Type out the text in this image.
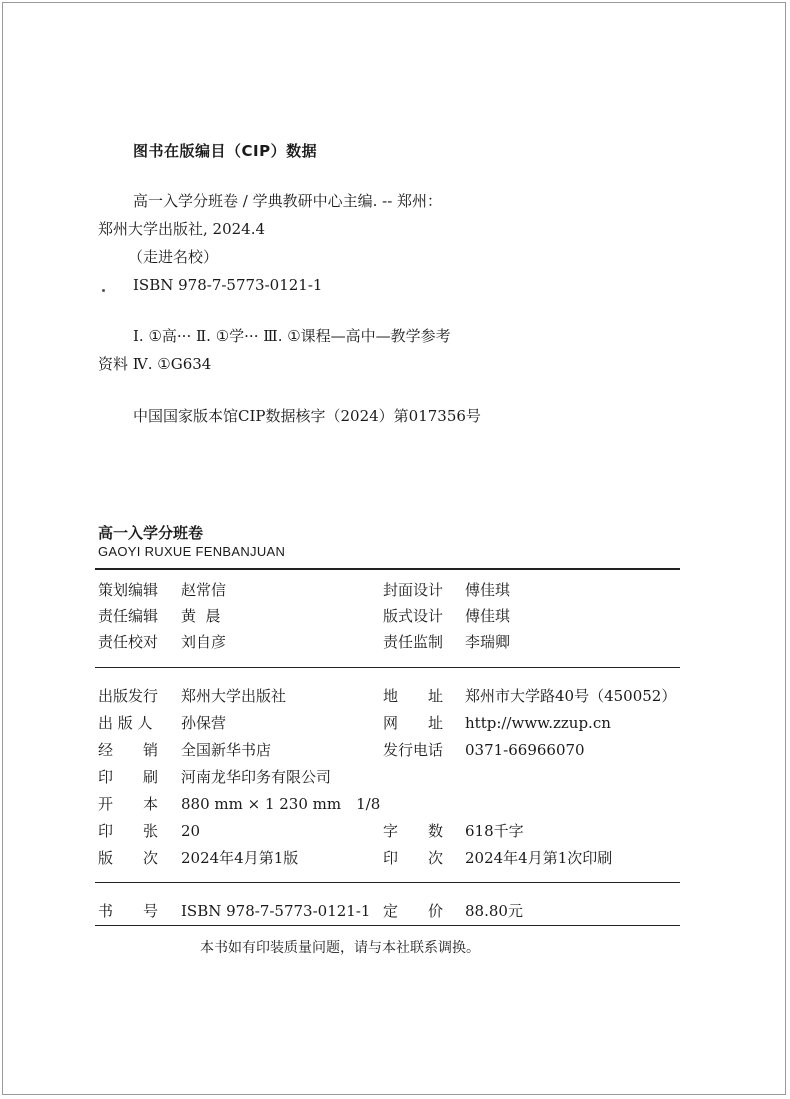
图书在版编目（CIP）数据
高一入学分班卷 / 学典教研中心主编. -- 郑州：
郑州大学出版社, 2024.4
（走进名校）
ISBN 978-7-5773-0121-1
Ⅰ. ①高··· Ⅱ. ①学··· Ⅲ. ①课程—高中—教学参考
资料 Ⅳ. ①G634
中国国家版本馆CIP数据核字（2024）第017356号
高一入学分班卷
GAOYI RUXUE FENBANJUAN
策划编辑 赵常信	封面设计 傅佳琪
责任编辑 黄  晨	版式设计 傅佳琪
责任校对 刘自彦	责任监制 李瑞卿
出版发行 郑州大学出版社	地　　址 郑州市大学路40号（450052）
出 版 人 孙保营	网　　址 http://www.zzup.cn
经　　销 全国新华书店	发行电话 0371-66966070
印　　刷 河南龙华印务有限公司
开　　本 880 mm × 1 230 mm　1/8
印　　张 20	字　　数 618千字
版　　次 2024年4月第1版	印　　次 2024年4月第1次印刷
书　　号 ISBN 978-7-5773-0121-1 定　　价 88.80元
本书如有印装质量问题，请与本社联系调换。
